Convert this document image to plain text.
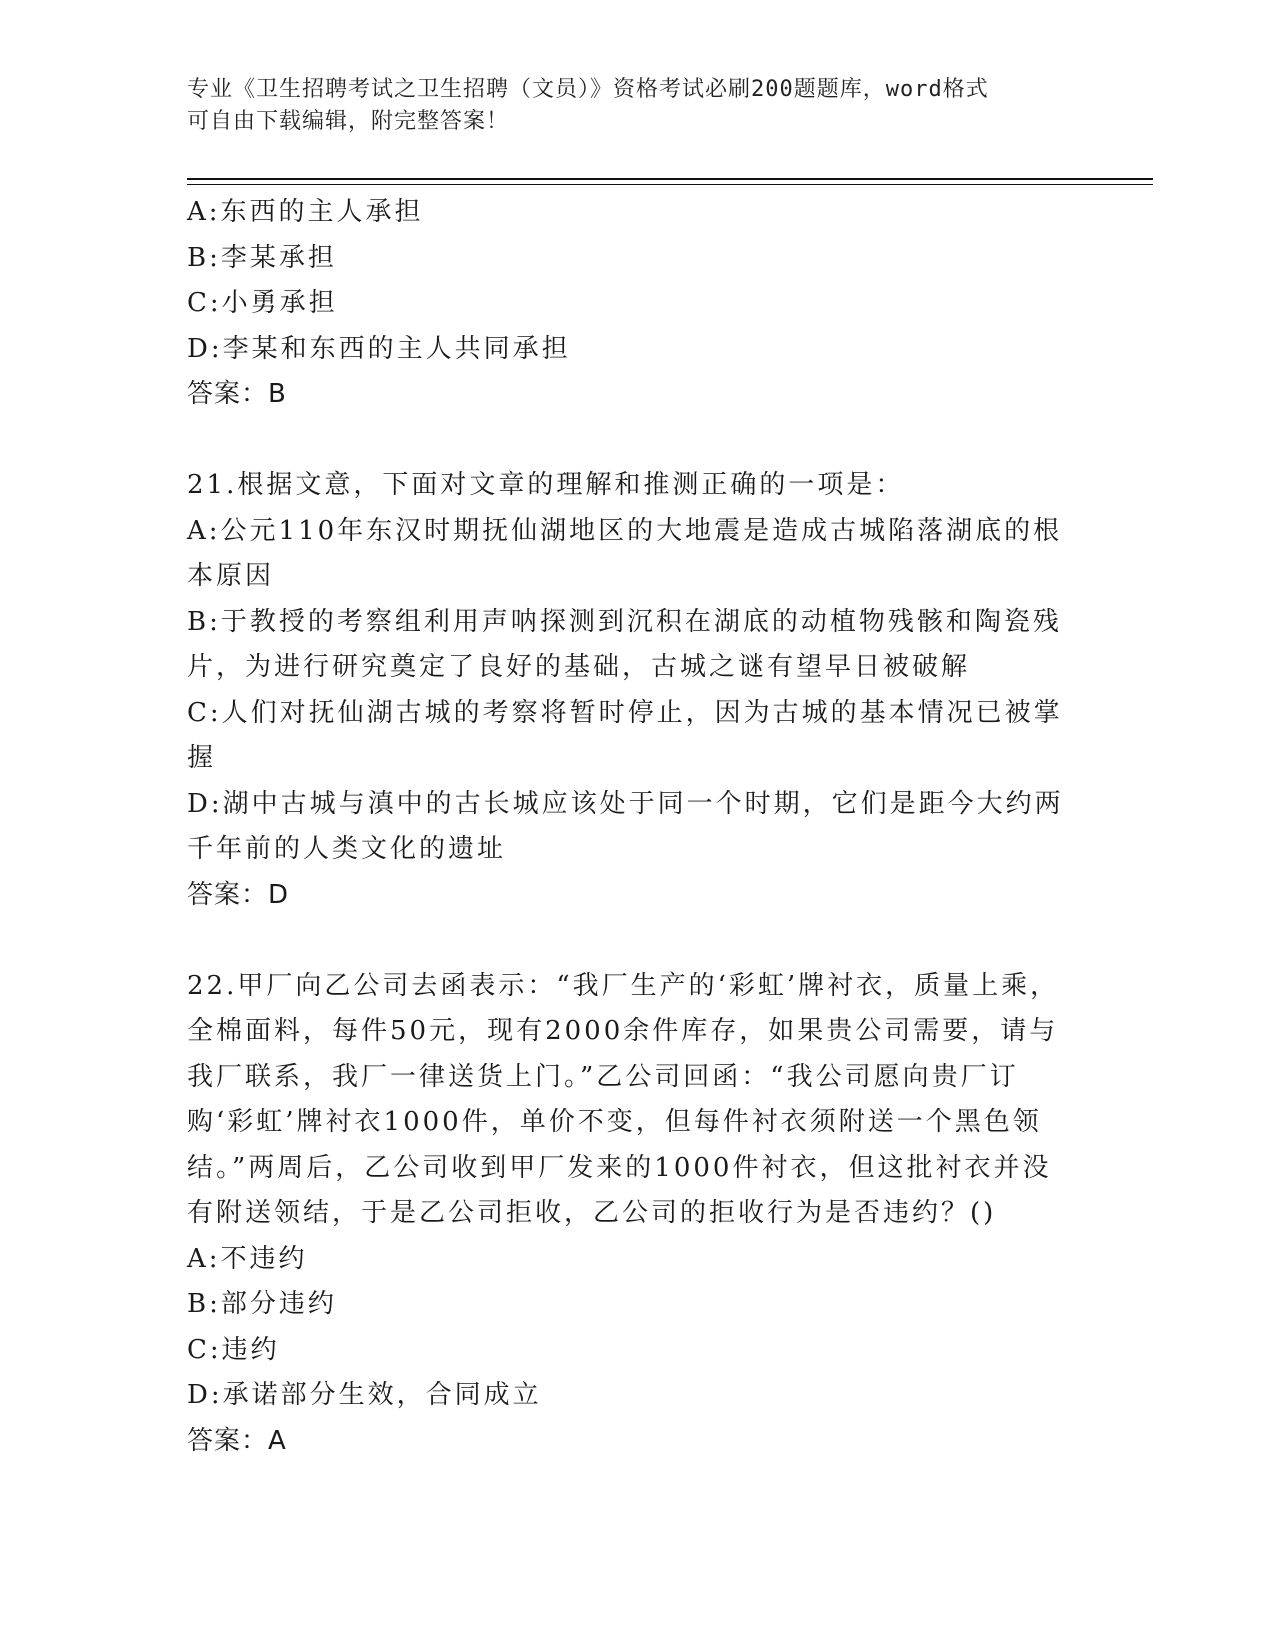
专业《卫生招聘考试之卫生招聘（文员）》资格考试必刷200题题库，word格式
可自由下载编辑，附完整答案！

A:东西的主人承担

B:李某承担

C:小勇承担

D:李某和东西的主人共同承担

答案：B

21.根据文意，下面对文章的理解和推测正确的一项是：

A:公元110年东汉时期抚仙湖地区的大地震是造成古城陷落湖底的根本原因

B:于教授的考察组利用声呐探测到沉积在湖底的动植物残骸和陶瓷残片，为进行研究奠定了良好的基础，古城之谜有望早日被破解

C:人们对抚仙湖古城的考察将暂时停止，因为古城的基本情况已被掌握

D:湖中古城与滇中的古长城应该处于同一个时期，它们是距今大约两千年前的人类文化的遗址

答案：D

22.甲厂向乙公司去函表示：“我厂生产的‘彩虹’牌衬衣，质量上乘，全棉面料，每件50元，现有2000余件库存，如果贵公司需要，请与我厂联系，我厂一律送货上门。”乙公司回函：“我公司愿向贵厂订购‘彩虹’牌衬衣1000件，单价不变，但每件衬衣须附送一个黑色领结。”两周后，乙公司收到甲厂发来的1000件衬衣，但这批衬衣并没有附送领结，于是乙公司拒收，乙公司的拒收行为是否违约？()

A:不违约

B:部分违约

C:违约

D:承诺部分生效，合同成立

答案：A
